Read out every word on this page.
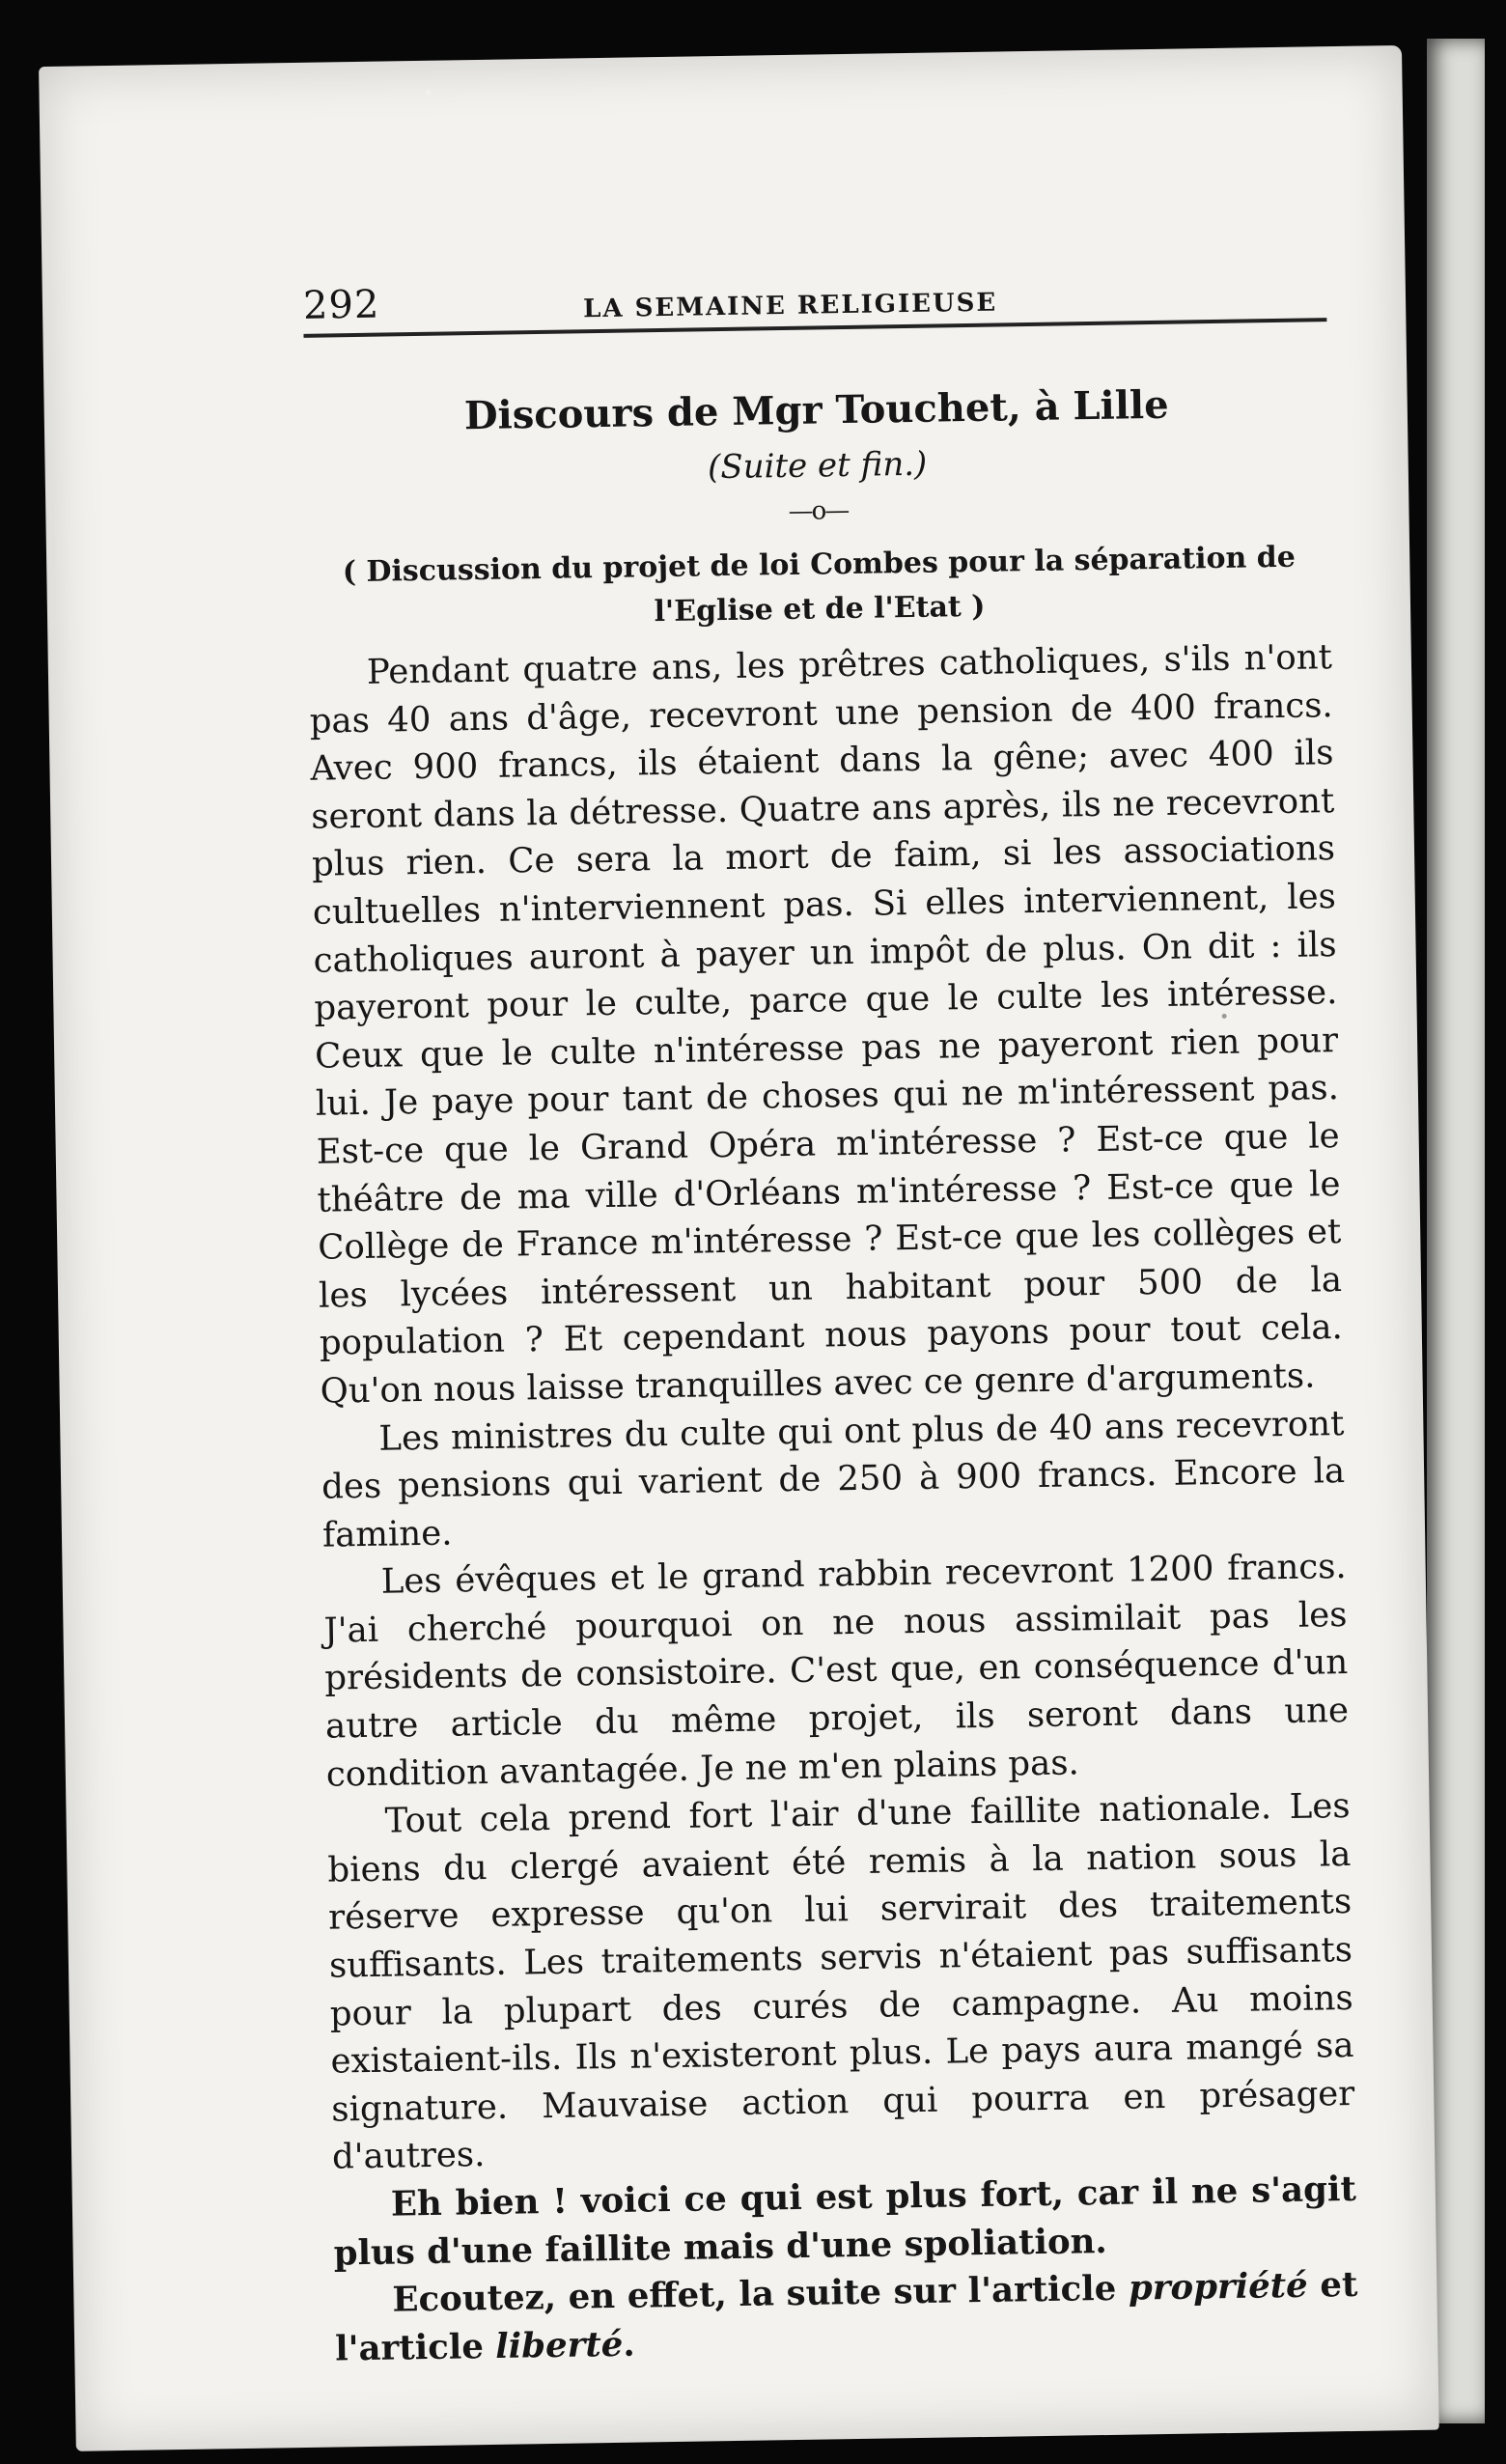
292	LA SEMAINE RELIGIEUSE
Discours de Mgr Touchet, à Lille
(Suite et fin.)
—o—
( Discussion du projet de loi Combes pour la séparation de l'Eglise et de l'Etat )

Pendant quatre ans, les prêtres catholiques, s'ils n'ont pas 40 ans d'âge, recevront une pension de 400 francs. Avec 900 francs, ils étaient dans la gêne; avec 400 ils seront dans la détresse. Quatre ans après, ils ne recevront plus rien. Ce sera la mort de faim, si les associations cultuelles n'interviennent pas. Si elles interviennent, les catholiques auront à payer un impôt de plus. On dit : ils payeront pour le culte, parce que le culte les intéresse. Ceux que le culte n'intéresse pas ne payeront rien pour lui. Je paye pour tant de choses qui ne m'intéressent pas. Est-ce que le Grand Opéra m'intéresse ? Est-ce que le théâtre de ma ville d'Orléans m'intéresse ? Est-ce que le Collège de France m'intéresse ? Est-ce que les collèges et les lycées intéressent un habitant pour 500 de la population ? Et cependant nous payons pour tout cela. Qu'on nous laisse tranquilles avec ce genre d'arguments.

Les ministres du culte qui ont plus de 40 ans recevront des pensions qui varient de 250 à 900 francs. Encore la famine.

Les évêques et le grand rabbin recevront 1200 francs. J'ai cherché pourquoi on ne nous assimilait pas les présidents de consistoire. C'est que, en conséquence d'un autre article du même projet, ils seront dans une condition avantagée. Je ne m'en plains pas.

Tout cela prend fort l'air d'une faillite nationale. Les biens du clergé avaient été remis à la nation sous la réserve expresse qu'on lui servirait des traitements suffisants. Les traitements servis n'étaient pas suffisants pour la plupart des curés de campagne. Au moins existaient-ils. Ils n'existeront plus. Le pays aura mangé sa signature. Mauvaise action qui pourra en présager d'autres.

Eh bien ! voici ce qui est plus fort, car il ne s'agit plus d'une faillite mais d'une spoliation.

Ecoutez, en effet, la suite sur l'article propriété et l'article liberté.
